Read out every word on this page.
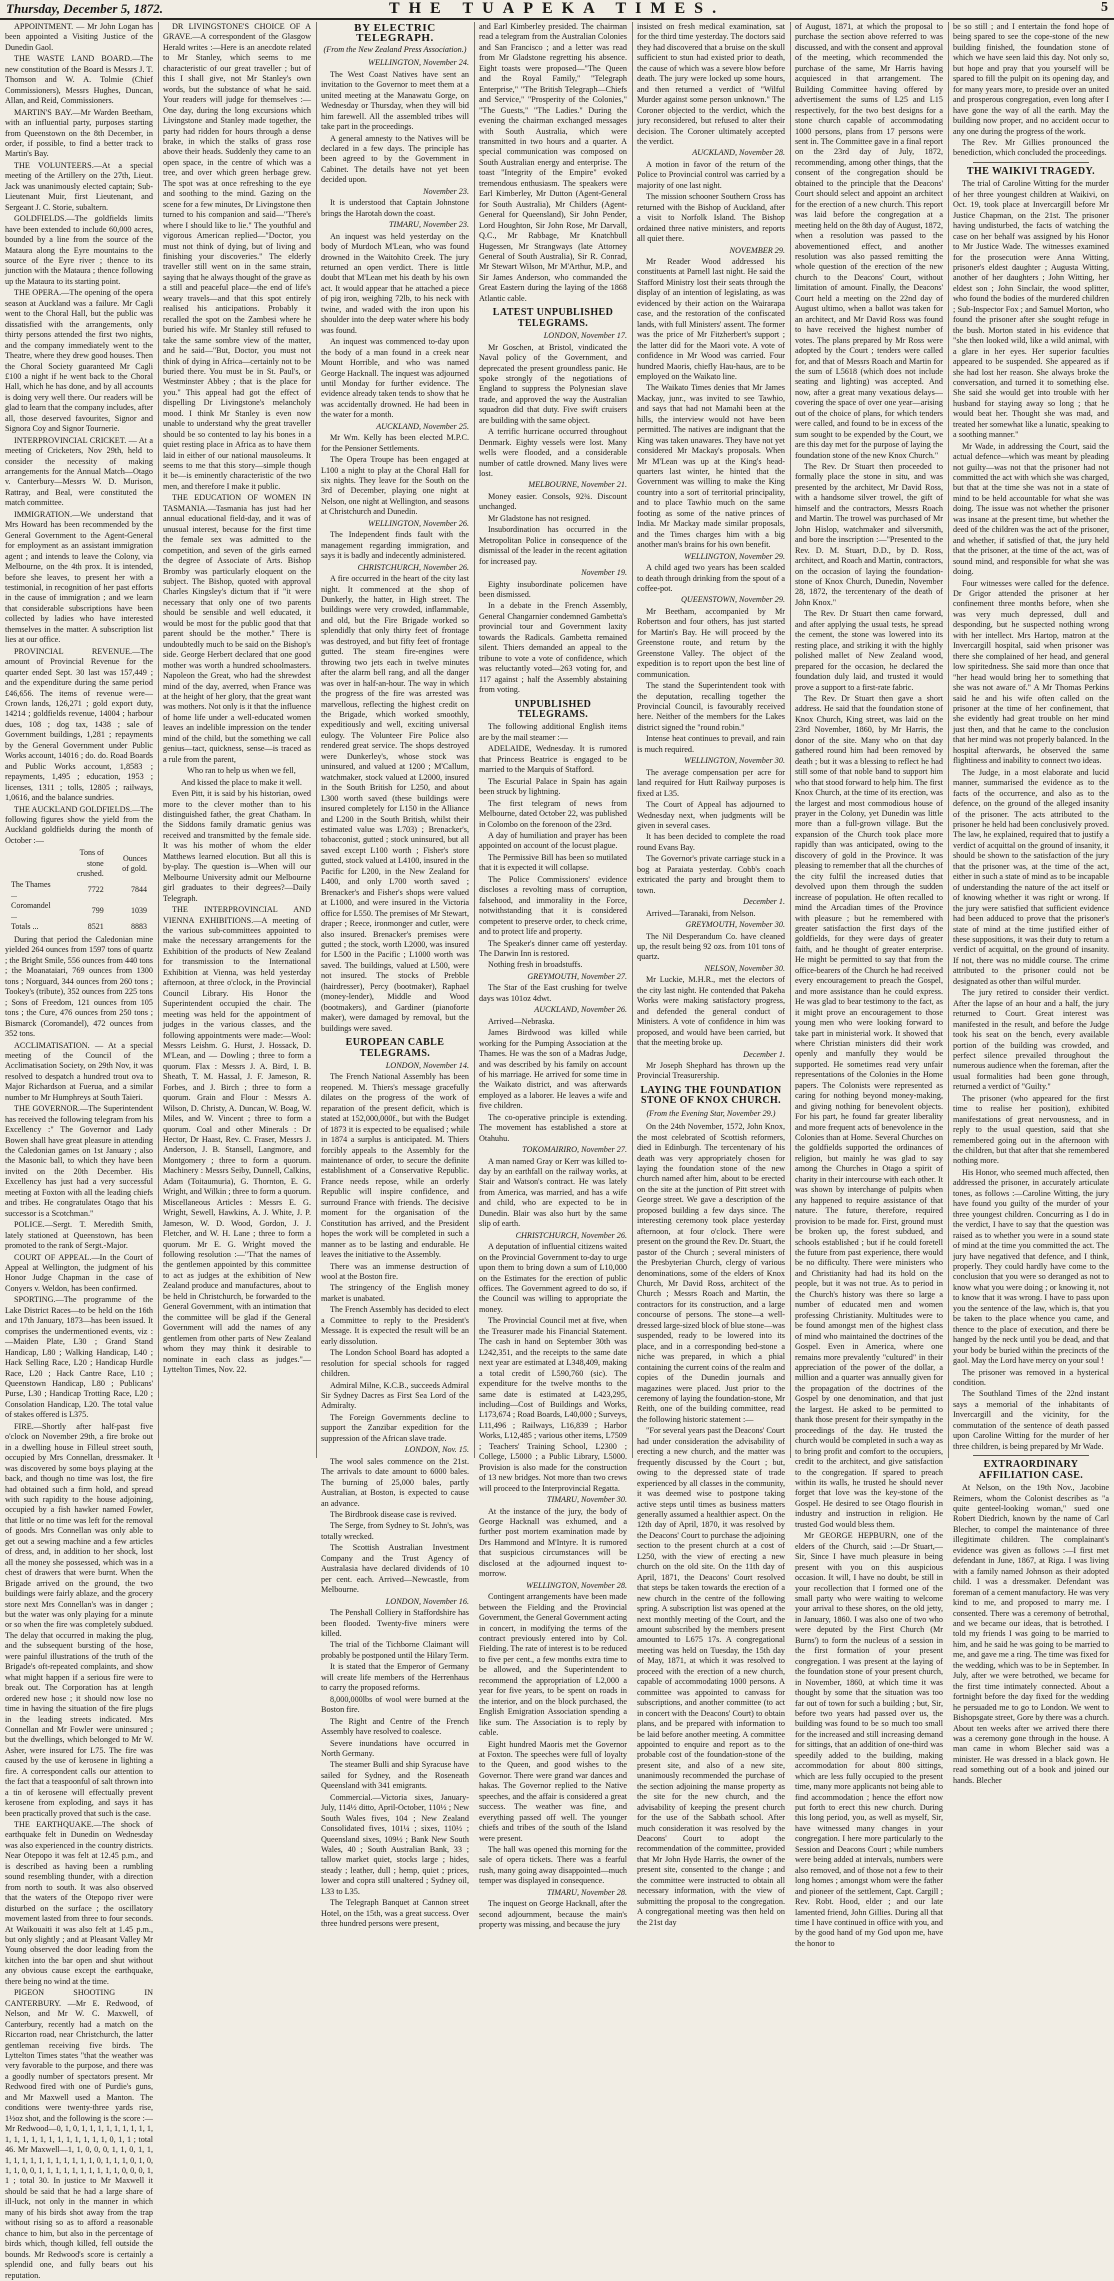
Thursday, December 5, 1872.	THE TUAPEKA TIMES.	5

APPOINTMENT. — Mr John Logan has been appointed a Visiting Justice of the Dunedin Gaol.

THE WASTE LAND BOARD.—The new constitution of the Board is Messrs J. T. Thomson and W. A. Tolmie (Chief Commissioners), Messrs Hughes, Duncan, Allan, and Reid, Commissioners.

MARTIN'S BAY.—Mr Warden Beetham, with an influential party, purposes starting from Queenstown on the 8th December, in order, if possible, to find a better track to Martin's Bay.

THE VOLUNTEERS.—At a special meeting of the Artillery on the 27th, Lieut. Jack was unanimously elected captain; Sub-Lieutenant Muir, first Lieutenant, and Sergeant J. C. Storie, subaltern.

GOLDFIELDS.—The goldfields limits have been extended to include 60,000 acres, bounded by a line from the source of the Mataura along the Eyre mountains to the source of the Eyre river ; thence to its junction with the Mataura ; thence following up the Mataura to its starting point.

THE OPERA.—The opening of the opera season at Auckland was a failure. Mr Cagli went to the Choral Hall, but the public was dissatisfied with the arrangements, only thirty persons attended the first two nights, and the company immediately went to the Theatre, where they drew good houses. Then the Choral Society guaranteed Mr Cagli £100 a night if he went back to the Choral Hall, which he has done, and by all accounts is doing very well there. Our readers will be glad to learn that the company includes, after all, those deserved favourites, Signor and Signora Coy and Signor Tournerie.

INTERPROVINCIAL CRICKET. — At a meeting of Cricketers, Nov 29th, held to consider the necessity of making arrangements for the Annual Match—Otago v. Canterbury—Messrs W. D. Murison, Rattray, and Beal, were constituted the match committee.

IMMIGRATION.—We understand that Mrs Howard has been recommended by the General Government to the Agent-General for employment as an assistant immigration agent ; and intends to leave the Colony, via Melbourne, on the 4th prox. It is intended, before she leaves, to present her with a testimonial, in recognition of her past efforts in the cause of immigration ; and we learn that considerable subscriptions have been collected by ladies who have interested themselves in the matter. A subscription list lies at our office.

PROVINCIAL REVENUE.—The amount of Provincial Revenue for the quarter ended Sept. 30 last was 157,449 ; and the expenditure during the same period £46,656. The items of revenue were—Crown lands, 126,271 ; gold export duty, 14214 ; goldfields revenue, 14004 ; harbour dues, 108 ; dog tax, 1438 ; sale of Government buildings, 1,281 ; repayments by the General Government under Public Works account, 14016 ; do. do. Road Boards and Public Works account, 1,8583 ; repayments, 1,495 ; education, 1953 ; licenses, 1311 ; tolls, 12805 ; railways, 1,0616, and the balance sundries.

THE AUCKLAND GOLDFIELDS.—The following figures show the yield from the Auckland goldfields during the month of October :—

	Tons of stone crushed.	Ounces of gold.
The Thames ...	7722	7844
Coromandel ...	799	1039
Totals ...	8521	8883

During that period the Caledonian mine yielded 264 ounces from 1597 tons of quartz ; the Bright Smile, 556 ounces from 440 tons ; the Moanataiari, 769 ounces from 1300 tons ; Norguard, 344 ounces from 260 tons ; Tookey's (tribute), 352 ounces from 225 tons ; Sons of Freedom, 121 ounces from 105 tons ; the Cure, 476 ounces from 250 tons ; Bismarck (Coromandel), 472 ounces from 352 tons.

ACCLIMATISATION. — At a special meeting of the Council of the Acclimatisation Society, on 29th Nov, it was resolved to despatch a hundred trout ova to Major Richardson at Fuerua, and a similar number to Mr Humphreys at South Taieri.

THE GOVERNOR.—The Superintendent has received the following telegram from his Excellency :" The Governor and Lady Bowen shall have great pleasure in attending the Caledonian games on 1st January ; also the Masonic ball, to which they have been invited on the 20th December. His Excellency has just had a very successful meeting at Foxton with all the leading chiefs and tribes. He congratulates Otago that his successor is a Scotchman."

POLICE.—Sergt. T. Meredith Smith, lately stationed at Queenstown, has been promoted to the rank of Sergt.-Major.

COURT OF APPEAL.—In the Court of Appeal at Wellington, the judgment of his Honor Judge Chapman in the case of Conyers v. Weldon, has been confirmed.

SPORTING.—The programme of the Lake District Races—to be held on the 16th and 17th January, 1873—has been issued. It comprises the undermentioned events, viz :—Maiden Plate, L30 ; Grand Stand Handicap, L80 ; Walking Handicap, L40 ; Hack Selling Race, L20 ; Handicap Hurdle Race, L20 ; Hack Cantre Race, L10 ; Queenstown Handicap, L80 ; Publicans' Purse, L30 ; Handicap Trotting Race, L20 ; Consolation Handicap, L20. The total value of stakes offered is L375.

FIRE.—Shortly after half-past five o'clock on November 29th, a fire broke out in a dwelling house in Filleul street south, occupied by Mrs Connellan, dressmaker. It was discovered by some boys playing at the back, and though no time was lost, the fire had obtained such a firm hold, and spread with such rapidity to the house adjoining, occupied by a fish hawker named Fowler, that little or no time was left for the removal of goods. Mrs Connellan was only able to get out a sewing machine and a few articles of dress, and, in addition to her shock, lost all the money she possessed, which was in a chest of drawers that were burnt. When the Brigade arrived on the ground, the two buildings were fairly ablaze, and the grocery store next Mrs Connellan's was in danger ; but the water was only playing for a minute or so when the fire was completely subdued. The delay that occurred in making the plug, and the subsequent bursting of the hose, were painful illustrations of the truth of the Brigade's oft-repeated complaints, and show what might happen if a serious fire were to break out. The Corporation has at length ordered new hose ; it should now lose no time in having the situation of the fire plugs in the leading streets indicated. Mrs Connellan and Mr Fowler were uninsured ; but the dwellings, which belonged to Mr W. Asher, were insured for L75. The fire was caused by the use of kerosene in lighting a fire. A correspondent calls our attention to the fact that a teaspoonful of salt thrown into a tin of kerosene will effectually prevent kerosene from exploding, and says it has been practically proved that such is the case.

THE EARTHQUAKE.—The shock of earthquake felt in Dunedin on Wednesday was also experienced in the country districts. Near Otepopo it was felt at 12.45 p.m., and is described as having been a rumbling sound resembling thunder, with a direction from north to south. It was also observed that the waters of the Otepopo river were disturbed on the surface ; the oscillatory movement lasted from three to four seconds. At Waikouaiti it was also felt at 1.45 p.m., but only slightly ; and at Pleasant Valley Mr Young observed the door leading from the kitchen into the bar open and shut without any obvious cause except the earthquake, there being no wind at the time.

PIGEON SHOOTING IN CANTERBURY. —Mr E. Redwood, of Nelson, and Mr W. C. Maxwell, of Canterbury, recently had a match on the Riccarton road, near Christchurch, the latter gentleman receiving five birds. The Lyttelton Times states "that the weather was very favorable to the purpose, and there was a goodly number of spectators present. Mr Redwood fired with one of Purdie's guns, and Mr Maxwell used a Manton. The conditions were twenty-three yards rise, 1½oz shot, and the following is the score :—Mr Redwood—0, 1, 0, 1, 1, 1, 1, 1, 1, 1, 1, 1, 1, 1, 1, 1, 1, 1, 1, 1, 1, 1, 1, 1, 0, 1, 1 ; total 46. Mr Maxwell—1, 1, 0, 0, 0, 1, 1, 0, 1, 1, 1, 1, 1, 1, 1, 1, 1, 1, 1, 1, 1, 0, 1, 1, 1, 0, 1, 0, 1, 1, 0, 0, 1, 1, 1, 1, 1, 1, 1, 1, 1, 1, 0, 0, 0, 1, 1 ; total 30. In justice to Mr Maxwell it should be said that he had a large share of ill-luck, not only in the manner in which many of his birds shot away from the trap without rising so as to afford a reasonable chance to him, but also in the percentage of birds which, though killed, fell outside the bounds. Mr Redwood's score is certainly a splendid one, and fully bears out his reputation.

DR LIVINGSTONE'S CHOICE OF A GRAVE.—A correspondent of the Glasgow Herald writes :—Here is an anecdote related to Mr Stanley, which seems to me characteristic of our great traveller ; but of this I shall give, not Mr Stanley's own words, but the substance of what he said. Your readers will judge for themselves :—One day, during the long excursions which Livingstone and Stanley made together, the party had ridden for hours through a dense brake, in which the stalks of grass rose above their heads. Suddenly they came to an open space, in the centre of which was a tree, and over which green herbage grew. The spot was at once refreshing to the eye and soothing to the mind. Gazing on the scene for a few minutes, Dr Livingstone then turned to his companion and said—"There's where I should like to lie." The youthful and vigorous American replied—"Doctor, you must not think of dying, but of living and finishing your discoveries." The elderly traveller still went on in the same strain, saying that he always thought of the grave as a still and peaceful place—the end of life's weary travels—and that this spot entirely realised his anticipations. Probably it recalled the spot on the Zambesi where he buried his wife. Mr Stanley still refused to take the same sombre view of the matter, and he said—"But, Doctor, you must not think of dying in Africa—certainly not to be buried there. You must be in St. Paul's, or Westminster Abbey ; that is the place for you." This appeal had got the effect of dispelling Dr Livingstone's melancholy mood. I think Mr Stanley is even now unable to understand why the great traveller should be so contented to lay his bones in a quiet resting place in Africa as to have them laid in either of our national mausoleums. It seems to me that this story—simple though it be—is eminently characteristic of the two men, and therefore I make it public.

THE EDUCATION OF WOMEN IN TASMANIA.—Tasmania has just had her annual educational field-day, and it was of unusual interest, because for the first time the female sex was admitted to the competition, and seven of the girls earned the degree of Associate of Arts. Bishop Bromby was particularly eloquent on the subject. The Bishop, quoted with approval Charles Kingsley's dictum that if "it were necessary that only one of two parents should be sensible and well educated, it would be most for the public good that that parent should be the mother." There is undoubtedly much to be said on the Bishop's side. George Herbert declared that one good mother was worth a hundred schoolmasters. Napoleon the Great, who had the shrewdest mind of the day, averred, when France was at the height of her glory, that the great want was mothers. Not only is it that the influence of home life under a well-educated women leaves an indelible impression on the tender mind of the child, but the something we call genius—tact, quickness, sense—is traced as a rule from the parent,

Who ran to help us when we fell,

And kissed the place to make it well.

Even Pitt, it is said by his historian, owed more to the clever mother than to his distinguished father, the great Chatham. In the Siddons family dramatic genius was received and transmitted by the female side. It was his mother of whom the elder Matthews learned elocution. But all this is by-play. The question is—When will our Melbourne University admit our Melbourne girl graduates to their degrees?—Daily Telegraph.

THE INTERPROVINCIAL AND VIENNA EXHIBITIONS.—A meeting of the various sub-committees appointed to make the necessary arrangements for the Exhibition of the products of New Zealand for transmission to the International Exhibition at Vienna, was held yesterday afternoon, at three o'clock, in the Provincial Council Library. His Honor the Superintendent occupied the chair. The meeting was held for the appointment of judges in the various classes, and the following appointments were made:—Wool: Messrs Leishm. G. Hurst, J. Hossack, D. M'Lean, and — Dowling ; three to form a quorum. Flax : Messrs J. A. Bird, I. B. Sheath, T. M. Hassal, J. F. Jameson, R. Forbes, and J. Birch ; three to form a quorum. Grain and Flour : Messrs A. Wilson, D. Christy, A. Duncan, W. Boag, W. Miles, and W. Vincent ; three to form a quorum. Coal and other Minerals : Dr Hector, Dr Haast, Rev. C. Fraser, Messrs J. Anderson, J. B. Stansell, Langmore, and Montgomery ; three to form a quorum. Machinery : Messrs Seiby, Dunnell, Calkins, Adam (Toitaumuria), G. Thornton, E. G. Wright, and Wilkin ; three to form a quorum. Miscellaneous Articles : Messrs E. G. Wright, Sewell, Hawkins, A. J. White, J. P. Jameson, W. D. Wood, Gordon, J. J. Fletcher, and W. H. Lane ; three to form a quorum. Mr E. G. Wright moved the following resolution :—"That the names of the gentlemen appointed by this committee to act as judges at the exhibition of New Zealand produce and manufactures, about to be held in Christchurch, be forwarded to the General Government, with an intimation that the committee will be glad if the General Government will add the names of any gentlemen from other parts of New Zealand whom they may think it desirable to nominate in each class as judges."—Lyttelton Times, Nov. 22.

BY ELECTRIC TELEGRAPH.
(From the New Zealand Press Association.)

WELLINGTON, November 24.

The West Coast Natives have sent an invitation to the Governor to meet them at a united meeting at the Manawatu Gorge, on Wednesday or Thursday, when they will bid him farewell. All the assembled tribes will take part in the proceedings.

A general amnesty to the Natives will be declared in a few days. The principle has been agreed to by the Government in Cabinet. The details have not yet been decided upon.

November 23.

It is understood that Captain Johnstone brings the Harotah down the coast.

TIMARU, November 23.

An inquest was held yesterday on the body of Murdoch M'Lean, who was found drowned in the Waitohito Creek. The jury returned an open verdict. There is little doubt that M'Lean met his death by his own act. It would appear that he attached a piece of pig iron, weighing 72lb, to his neck with twine, and waded with the iron upon his shoulder into the deep water where his body was found.

An inquest was commenced to-day upon the body of a man found in a creek near Mount Horrible, and who was named George Hacknall. The inquest was adjourned until Monday for further evidence. The evidence already taken tends to show that he was accidentally drowned. He had been in the water for a month.

AUCKLAND, November 25.

Mr Wm. Kelly has been elected M.P.C. for the Pensioner Settlements.

The Opera Troupe has been engaged at L100 a night to play at the Choral Hall for six nights. They leave for the South on the 3rd of December, playing one night at Nelson, one night at Wellington, and seasons at Christchurch and Dunedin.

WELLINGTON, November 26.

The Independent finds fault with the management regarding immigration, and says it is badly and indecently administered.

CHRISTCHURCH, November 26.

A fire occurred in the heart of the city last night. It commenced at the shop of Dunkerly, the hatter, in High street. The buildings were very crowded, inflammable, and old, but the Fire Brigade worked so splendidly that only thirty feet of frontage was destroyed, and but fifty feet of frontage gutted. The steam fire-engines were throwing two jets each in twelve minutes after the alarm bell rang, and all the danger was over in half-an-hour. The way in which the progress of the fire was arrested was marvellous, reflecting the highest credit on the Brigade, which worked smoothly, expeditiously and well, exciting universal eulogy. The Volunteer Fire Police also rendered great service. The shops destroyed were Dunkerley's, whose stock was uninsured, and valued at 1200 ; M'Callum, watchmaker, stock valued at L2000, insured in the South British for L250, and about L300 worth saved (these buildings were insured completely for L150 in the Alliance and L200 in the South British, whilst their estimated value was L703) ; Brenacker's, tobacconist, gutted ; stock uninsured, but all saved except L100 worth ; Fisher's store gutted, stock valued at L4100, insured in the Pacific for L200, in the New Zealand for L400, and only L700 worth saved ; Brenacker's and Fisher's shops were valued at L1000, and were insured in the Victoria office for L550. The premises of Mr Stewart, draper ; Reece, ironmonger and cutler, were also insured. Brenacker's premises were gutted ; the stock, worth L2000, was insured for L500 in the Pacific ; L1000 worth was saved. The buildings, valued at L500, were not insured. The stocks of Prebble (hairdresser), Percy (bootmaker), Raphael (money-lender), Middle and Wood (bootmakers), and Gardiner (pianoforte maker), were damaged by removal, but the buildings were saved.

EUROPEAN CABLE TELEGRAMS.

LONDON, November 14.

The French National Assembly has been reopened. M. Thiers's message gracefully dilates on the progress of the work of reparation of the present deficit, which is stated at 152,000,000f., but with the Budget of 1873 it is expected to be equalised ; while in 1874 a surplus is anticipated. M. Thiers forcibly appeals to the Assembly for the maintenance of order, to secure the definite establishment of a Conservative Republic. France needs repose, while an orderly Republic will inspire confidence, and surround France with friends. The decisive moment for the organisation of the Constitution has arrived, and the President hopes the work will be completed in such a manner as to be lasting and endurable. He leaves the initiative to the Assembly.

There was an immense destruction of wool at the Boston fire.

The stringency of the English money market is unabated.

The French Assembly has decided to elect a Committee to reply to the President's Message. It is expected the result will be an early dissolution.

The London School Board has adopted a resolution for special schools for ragged children.

Admiral Milne, K.C.B., succeeds Admiral Sir Sydney Dacres as First Sea Lord of the Admiralty.

The Foreign Governments decline to support the Zanzibar expedition for the suppression of the African slave trade.

LONDON, Nov. 15.

The wool sales commence on the 21st. The arrivals to date amount to 6000 bales. The burning of 25,000 bales, partly Australian, at Boston, is expected to cause an advance.

The Birdbrook disease case is revived.

The Serge, from Sydney to St. John's, was totally wrecked.

The Scottish Australian Investment Company and the Trust Agency of Australasia have declared dividends of 10 per cent. each. Arrived—Newcastle, from Melbourne.

LONDON, November 16.

The Penshall Colliery in Staffordshire has been flooded. Twenty-five miners were killed.

The trial of the Tichborne Claimant will probably be postponed until the Hilary Term.

It is stated that the Emperor of Germany will create life members of the Herrenhaus to carry the proposed reforms.

8,000,000lbs of wool were burned at the Boston fire.

The Right and Centre of the French Assembly have resolved to coalesce.

Severe inundations have occurred in North Germany.

The steamer Bulli and ship Syracuse have sailed for Sydney, and the Roseneath Queensland with 341 emigrants.

Commercial.—Victoria sixes, January-July, 114½ ditto, April-October, 110½ ; New South Wales fives, 104 ; New Zealand Consolidated fives, 101¼ ; sixes, 110½ ; Queensland sixes, 109½ ; Bank New South Wales, 40 ; South Australian Bank, 33 ; tallow market quiet, stocks large ; hides, steady ; leather, dull ; hemp, quiet ; prices, lower and copra still unaltered ; Sydney oil, L33 to L35.

The Telegraph Banquet at Cannon street Hotel, on the 15th, was a great success. Over three hundred persons were present,

and Earl Kimberley presided. The chairman read a telegram from the Australian Colonies and San Francisco ; and a letter was read from Mr Gladstone regretting his absence. Eight toasts were proposed—"The Queen and the Royal Family," "Telegraph Enterprise," "The British Telegraph—Chiefs and Service," "Prosperity of the Colonies," "The Guests," "The Ladies." During the evening the chairman exchanged messages with South Australia, which were transmitted in two hours and a quarter. A special communication was composed on South Australian energy and enterprise. The toast "Integrity of the Empire" evoked tremendous enthusiasm. The speakers were Earl Kimberley, Mr Dutton (Agent-General for South Australia), Mr Childers (Agent-General for Queensland), Sir John Pender, Lord Houghton, Sir John Rose, Mr Darvall, Q.C., Mr Rabbage, Mr Knatchbull Hugessen, Mr Strangways (late Attorney General of South Australia), Sir R. Conrad, Mr Stewart Wilson, Mr M'Arthur, M.P., and Sir James Anderson, who commanded the Great Eastern during the laying of the 1868 Atlantic cable.

LATEST UNPUBLISHED TELEGRAMS.

LONDON, November 17.

Mr Goschen, at Bristol, vindicated the Naval policy of the Government, and deprecated the present groundless panic. He spoke strongly of the negotiations of England to suppress the Polynesian slave trade, and approved the way the Australian squadron did that duty. Five swift cruisers are building with the same object.

A terrific hurricane occurred throughout Denmark. Eighty vessels were lost. Many wells were flooded, and a considerable number of cattle drowned. Many lives were lost.

MELBOURNE, November 21.

Money easier. Consols, 92¾. Discount unchanged.

Mr Gladstone has not resigned.

Insubordination has occurred in the Metropolitan Police in consequence of the dismissal of the leader in the recent agitation for increased pay.

November 19.

Eighty insubordinate policemen have been dismissed.

In a debate in the French Assembly, General Changarnier condemned Gambetta's provincial tour and Government laxity towards the Radicals. Gambetta remained silent. Thiers demanded an appeal to the tribune to vote a vote of confidence, which was reluctantly voted—263 voting for, and 117 against ; half the Assembly abstaining from voting.

UNPUBLISHED TELEGRAMS.

The following additional English items are by the mail steamer :—

ADELAIDE, Wednesday. It is rumored that Princess Beatrice is engaged to be married to the Marquis of Stafford.

The Escurial Palace in Spain has again been struck by lightning.

The first telegram of news from Melbourne, dated October 22, was published in Colombo on the forenoon of the 23rd.

A day of humiliation and prayer has been appointed on account of the locust plague.

The Permissive Bill has been so mutilated that it is expected it will collapse.

The Police Commissioners' evidence discloses a revolting mass of corruption, falsehood, and immorality in the Force, notwithstanding that it is considered competent to preserve order, to check crime, and to protect life and property.

The Speaker's dinner came off yesterday. The Darwin Inn is restored.

Nothing fresh in broadstuffs.

GREYMOUTH, November 27.

The Star of the East crushing for twelve days was 101oz 4dwt.

AUCKLAND, November 26.

Arrived—Nebraska.

James Birdwood was killed while working for the Pumping Association at the Thames. He was the son of a Madras Judge, and was described by his family on account of his marriage. He arrived for some time in the Waikato district, and was afterwards employed as a laborer. He leaves a wife and five children.

The co-operative principle is extending. The movement has established a store at Otahuhu.

TOKOMAIRIRO, November 27.

A man named Gray or Kerr was killed to-day by an earthfall on the railway works, at Stair and Watson's contract. He was lately from America, was married, and has a wife and child, who are expected to be in Dunedin. Blair was also hurt by the same slip of earth.

CHRISTCHURCH, November 26.

A deputation of influential citizens waited on the Provincial Government to-day to urge upon them to bring down a sum of L10,000 on the Estimates for the erection of public offices. The Government agreed to do so, if the Council was willing to appropriate the money.

The Provincial Council met at five, when the Treasurer made his Financial Statement. The cash in hand on September 30th was L242,351, and the receipts to the same date next year are estimated at L348,409, making a total credit of L590,760 (sic). The expenditure for the twelve months to the same date is estimated at L423,295, including—Cost of Buildings and Works, L173,674 ; Road Boards, L40,000 ; Surveys, L11,496 ; Railways, L16,839 ; Harbor Works, L12,485 ; various other items, L7509 ; Teachers' Training School, L2300 ; College, L5000 ; a Public Library, L5000. Provision is also made for the construction of 13 new bridges. Not more than two crews will proceed to the Interprovincial Regatta.

TIMARU, November 30.

At the instance of the jury, the body of George Hacknall was exhumed, and a further post mortem examination made by Drs Hammond and M'Intyre. It is rumored that suspicious circumstances will be disclosed at the adjourned inquest to-morrow.

WELLINGTON, November 28.

Contingent arrangements have been made between the Fielding and the Provincial Government, the General Government acting in concert, in modifying the terms of the contract previously entered into by Col. Fielding. The rate of interest is to be reduced to five per cent., a few months extra time to be allowed, and the Superintendent to recommend the appropriation of L2,000 a year for five years, to be spent on roads in the interior, and on the block purchased, the English Emigration Association spending a like sum. The Association is to reply by cable.

Eight hundred Maoris met the Governor at Foxton. The speeches were full of loyalty to the Queen, and good wishes to the Governor. There were grand war dances and hakas. The Governor replied to the Native speeches, and the affair is considered a great success. The weather was fine, and everything passed off well. The younger chiefs and tribes of the south of the Island were present.

The hall was opened this morning for the sale of opera tickets. There was a fearful rush, many going away disappointed—much temper was displayed in consequence.

TIMARU, November 28.

The inquest on George Hacknall, after the second adjournment, because the main's property was missing, and because the jury

insisted on fresh medical examination, sat for the third time yesterday. The doctors said they had discovered that a bruise on the skull sufficient to stun had existed prior to death, the cause of which was a severe blow before death. The jury were locked up some hours, and then returned a verdict of "Wilful Murder against some person unknown." The Coroner objected to the verdict, which the jury reconsidered, but refused to alter their decision. The Coroner ultimately accepted the verdict.

AUCKLAND, November 28.

A motion in favor of the return of the Police to Provincial control was carried by a majority of one last night.

The mission schooner Southern Cross has returned with the Bishop of Auckland, after a visit to Norfolk Island. The Bishop ordained three native ministers, and reports all quiet there.

NOVEMBER 29.

Mr Reader Wood addressed his constituents at Parnell last night. He said the Stafford Ministry lost their seats through the display of an intention of legislating, as was evidenced by their action on the Wairarapa case, and the restoration of the confiscated lands, with full Ministers' assent. The former was the price of Mr Fitzherbert's support ; the latter did for the Maori vote. A vote of confidence in Mr Wood was carried. Four hundred Maoris, chiefly Hau-haus, are to be employed on the Waikato line.

The Waikato Times denies that Mr James Mackay, junr., was invited to see Tawhio, and says that had not Mamahi been at the hills, the interview would not have been permitted. The natives are indignant that the King was taken unawares. They have not yet considered Mr Mackay's proposals. When Mr M'Lean was up at the King's head-quarters last winter, he hinted that the Government was willing to make the King country into a sort of territorial principality, and to place Tawhio much on the same footing as some of the native princes of India. Mr Mackay made similar proposals, and the Times charges him with a big another man's brains for his own benefit.

WELLINGTON, November 29.

A child aged two years has been scalded to death through drinking from the spout of a coffee-pot.

QUEENSTOWN, November 29.

Mr Beetham, accompanied by Mr Robertson and four others, has just started for Martin's Bay. He will proceed by the Greenstone route, and return by the Greenstone Valley. The object of the expedition is to report upon the best line of communication.

The stand the Superintendent took with the deputation, recalling together the Provincial Council, is favourably received here. Neither of the members for the Lakes district signed the "round robin."

Intense heat continues to prevail, and rain is much required.

WELLINGTON, November 30.

The average compensation per acre for land required for Hutt Railway purposes is fixed at L35.

The Court of Appeal has adjourned to Wednesday next, when judgments will be given in several cases.

It has been decided to complete the road round Evans Bay.

The Governor's private carriage stuck in a bog at Paraiata yesterday. Cobb's coach extricated the party and brought them to town.

December 1.

Arrived—Taranaki, from Nelson.

GREYMOUTH, November 30.

The Nil Desperandum Co. have cleaned up, the result being 92 ozs. from 101 tons of quartz.

NELSON, November 30.

Mr Luckie, M.H.R., met the electors of the city last night. He contended that Pakeha Works were making satisfactory progress, and defended the general conduct of Ministers. A vote of confidence in him was proposed, and would have been carried, but that the meeting broke up.

December 1.

Mr Joseph Shephard has thrown up the Provincial Treasurership.

LAYING THE FOUNDATION STONE OF KNOX CHURCH.
(From the Evening Star, November 29.)

On the 24th November, 1572, John Knox, the most celebrated of Scottish reformers, died in Edinburgh. The tercentenary of his death was very appropriately chosen for laying the foundation stone of the new church named after him, about to be erected on the site at the junction of Pitt street with George street. We gave a description of the proposed building a few days since. The interesting ceremony took place yesterday afternoon, at four o'clock. There were present on the ground the Rev. Dr. Stuart, the pastor of the Church ; several ministers of the Presbyterian Church, clergy of various denominations, some of the elders of Knox Church, Mr David Ross, architect of the Church ; Messrs Roach and Martin, the contractors for its construction, and a large concourse of persons. The stone—a well-dressed large-sized block of blue stone—was suspended, ready to be lowered into its place, and in a corresponding bed-stone a niche was prepared, in which a phial containing the current coins of the realm and copies of the Dunedin journals and magazines were placed. Just prior to the ceremony of laying the foundation-stone, Mr Reith, one of the building committee, read the following historic statement :—

"For several years past the Deacons' Court had under consideration the advisability of erecting a new church, and the matter was frequently discussed by the Court ; but, owing to the depressed state of trade experienced by all classes in the community, it was deemed wise to postpone taking active steps until times as business matters generally assumed a healthier aspect. On the 12th day of April, 1870, it was resolved by the Deacons' Court to purchase the adjoining section to the present church at a cost of L250, with the view of erecting a new church on the old site. On the 11th day of April, 1871, the Deacons' Court resolved that steps be taken towards the erection of a new church in the centre of the following spring. A subscription list was opened at the next monthly meeting of the Court, and the amount subscribed by the members present amounted to L675 17s. A congregational meeting was held on Tuesday, the 15th day of May, 1871, at which it was resolved to proceed with the erection of a new church, capable of accommodating 1000 persons. A committee was appointed to canvass for subscriptions, and another committee (to act in concert with the Deacons' Court) to obtain plans, and be prepared with information to be laid before another meeting. A committee appointed to enquire and report as to the probable cost of the foundation-stone of the present site, and also of a new site, unanimously recommended the purchase of the section adjoining the manse property as the site for the new church, and the advisability of keeping the present church for the use of the Sabbath school. After much consideration it was resolved by the Deacons' Court to adopt the recommendation of the committee, provided that Mr John Hyde Harris, the owner of the present site, consented to the change ; and the committee were instructed to obtain all necessary information, with the view of submitting the proposal to the congregation. A congregational meeting was then held on the 21st day

of August, 1871, at which the proposal to purchase the section above referred to was discussed, and with the consent and approval of the meeting, which recommended the purchase of the same, Mr Harris having acquiesced in that arrangement. The Building Committee having offered by advertisement the sums of L25 and L15 respectively, for the two best designs for a stone church capable of accommodating 1000 persons, plans from 17 persons were sent in. The Committee gave in a final report on the 23rd day of July, 1872, recommending, among other things, that the consent of the congregation should be obtained to the principle that the Deacons' Court should select and appoint an architect for the erection of a new church. This report was laid before the congregation at a meeting held on the 8th day of August, 1872, when a resolution was passed to the abovementioned effect, and another resolution was also passed remitting the whole question of the erection of the new church to the Deacons' Court, without limitation of amount. Finally, the Deacons' Court held a meeting on the 22nd day of August ultimo, when a ballot was taken for an architect, and Mr David Ross was found to have received the highest number of votes. The plans prepared by Mr Ross were adopted by the Court ; tenders were called for, and that of Messrs Roach and Martin for the sum of L5618 (which does not include seating and lighting) was accepted. And now, after a great many vexatious delays—covering the space of over one year—arising out of the choice of plans, for which tenders were called, and found to be in excess of the sum sought to be expended by the Court, we are this day met for the purpose of laying the foundation stone of the new Knox Church."

The Rev. Dr Stuart then proceeded to formally place the stone in situ, and was presented by the architect, Mr David Ross, with a handsome silver trowel, the gift of himself and the contractors, Messrs Roach and Martin. The trowel was purchased of Mr John Hislop, watchmaker and silversmith, and bore the inscription :—"Presented to the Rev. D. M. Stuart, D.D., by D. Ross, architect, and Roach and Martin, contractors, on the occasion of laying the foundation-stone of Knox Church, Dunedin, November 28, 1872, the tercentenary of the death of John Knox."

The Rev. Dr Stuart then came forward, and after applying the usual tests, he spread the cement, the stone was lowered into its resting place, and striking it with the highly polished mallet of New Zealand wood, prepared for the occasion, he declared the foundation duly laid, and trusted it would prove a support to a first-rate fabric.

The Rev. Dr Stuart then gave a short address. He said that the foundation stone of Knox Church, King street, was laid on the 23rd November, 1860, by Mr Harris, the donor of the site. Many who on that day gathered round him had been removed by death ; but it was a blessing to reflect he had still some of that noble band to support him who that stood forward to help him. The first Knox Church, at the time of its erection, was the largest and most commodious house of prayer in the Colony, yet Dunedin was little more than a full-grown village. But the expansion of the Church took place more rapidly than was anticipated, owing to the discovery of gold in the Province. It was pleasing to remember that all the churches of the city fulfil the increased duties that devolved upon them through the sudden increase of population. He often recalled to mind the Arcadian times of the Province with pleasure ; but he remembered with greater satisfaction the first days of the goldfields, for they were days of greater faith, and he thought of greater enterprise. He might be permitted to say that from the office-bearers of the Church he had received every encouragement to preach the Gospel, and more assistance than he could express. He was glad to bear testimony to the fact, as it might prove an encouragement to those young men who were looking forward to take part in ministerial work. It showed that where Christian ministers did their work openly and manfully they would be supported. He sometimes read very unfair representations of the Colonies in the Home papers. The Colonists were represented as caring for nothing beyond money-making, and giving nothing for benevolent objects. For his part, he found far greater liberality and more frequent acts of benevolence in the Colonies than at Home. Several Churches on the goldfields supported the ordinances of religion, but mainly he was glad to say among the Churches in Otago a spirit of charity in their intercourse with each other. It was shown by interchange of pulpits when any happened to require assistance of that nature. The future, therefore, required provision to be made for. First, ground must be broken up, the forest subdued, and schools established ; but if he could foretell the future from past experience, there would be no difficulty. There were ministers who and Christianity had had its hold on the people, but it was not true. As to period in the Church's history was there so large a number of educated men and women professing Christianity. Multitudes were to be found amongst men of the highest class of mind who maintained the doctrines of the Gospel. Even in America, where one remains more prevalently "cultured" in their appreciation of the power of the dollar, a million and a quarter was annually given for the propagation of the doctrines of the Gospel by one denomination, and that just the largest. He asked to be permitted to thank those present for their sympathy in the proceedings of the day. He trusted the church would be completed in such a way as to bring profit and comfort to the occupiers, credit to the architect, and give satisfaction to the congregation. If spared to preach within its walls, he trusted he should never forget that love was the key-stone of the Gospel. He desired to see Otago flourish in industry and instruction in religion. He trusted God would bless them.

Mr GEORGE HEPBURN, one of the elders of the Church, said :—Dr Stuart,—Sir, Since I have much pleasure in being present with you on this auspicious occasion. It will, I have no doubt, be still in your recollection that I formed one of the small party who were waiting to welcome your arrival to these shores, on the old jetty, in January, 1860. I was also one of two who were deputed by the First Church (Mr Burns') to form the nucleus of a session in the first formation of your present congregation. I was present at the laying of the foundation stone of your present church, in November, 1860, at which time it was thought by some that the situation was too far out of town for such a building ; but, Sir, before two years had passed over us, the building was found to be so much too small for the increased and still increasing demand for sittings, that an addition of one-third was speedily added to the building, making accommodation for about 800 sittings, which are less fully occupied to the present time, many more applicants not being able to find accommodation ; hence the effort now put forth to erect this new church. During this long period, you, as well as myself, Sir, have witnessed many changes in your congregation. I here more particularly to the Session and Deacons Court ; while numbers were being added at intervals, numbers were also removed, and of those not a few to their long homes ; amongst whom were the father and pioneer of the settlement, Capt. Cargill ; Rev. Robt. Hood, elder ; and our late lamented friend, John Gillies. During all that time I have continued in office with you, and by the good hand of my God upon me, have the honor to

be so still ; and I entertain the fond hope of being spared to see the cope-stone of the new building finished, the foundation stone of which we have seen laid this day. Not only so, but hope and pray that you yourself will be spared to fill the pulpit on its opening day, and for many years more, to preside over an united and prosperous congregation, even long after I have gone the way of all the earth. May the building now proper, and no accident occur to any one during the progress of the work.

The Rev. Mr Gillies pronounced the benediction, which concluded the proceedings.

THE WAIKIVI TRAGEDY.

The trial of Caroline Witting for the murder of her three youngest children at Waikivi, on Oct. 19, took place at Invercargill before Mr Justice Chapman, on the 21st. The prisoner having undisturbed, the facts of watching the case on her behalf was assigned by his Honor to Mr Justice Wade. The witnesses examined for the prosecution were Anna Witting, prisoner's eldest daughter ; Augusta Witting, another of her daughters ; John Witting, her eldest son ; John Sinclair, the wood splitter, who found the bodies of the murdered children ; Sub-Inspector Fox ; and Samuel Morton, who found the prisoner after she sought refuge in the bush. Morton stated in his evidence that "she then looked wild, like a wild animal, with a glare in her eyes. Her superior faculties appeared to be suspended. She appeared as if she had lost her reason. She always broke the conversation, and turned it to something else. She said she would get into trouble with her husband for staying away so long ; that he would beat her. Thought she was mad, and treated her somewhat like a lunatic, speaking to a soothing manner."

Mr Wade, in addressing the Court, said the actual defence—which was meant by pleading not guilty—was not that the prisoner had not committed the act with which she was charged, but that at the time she was not in a state of mind to be held accountable for what she was doing. The issue was not whether the prisoner was insane at the present time, but whether the deed of the children was the act of the prisoner, and whether, if satisfied of that, the jury held that the prisoner, at the time of the act, was of sound mind, and responsible for what she was doing.

Four witnesses were called for the defence. Dr Grigor attended the prisoner at her confinement three months before, when she was very much depressed, dull and desponding, but he suspected nothing wrong with her intellect. Mrs Hartop, matron at the Invercargill hospital, said when prisoner was there she complained of her head, and general low spiritedness. She said more than once that "her head would bring her to something that she was not aware of." A Mr Thomas Perkins said he and his wife often called on the prisoner at the time of her confinement, that she evidently had great trouble on her mind just then, and that he came to the conclusion that her mind was not properly balanced. In the hospital afterwards, he observed the same flightiness and inability to connect two ideas.

The Judge, in a most elaborate and lucid manner, summarised the evidence as to the facts of the occurrence, and also as to the defence, on the ground of the alleged insanity of the prisoner. The acts attributed to the prisoner he held had been conclusively proved. The law, he explained, required that to justify a verdict of acquittal on the ground of insanity, it should be shown to the satisfaction of the jury that the prisoner was, at the time of the act, either in such a state of mind as to be incapable of understanding the nature of the act itself or of knowing whether it was right or wrong. If the jury were satisfied that sufficient evidence had been adduced to prove that the prisoner's state of mind at the time justified either of these suppositions, it was their duty to return a verdict of acquittal, on the ground of insanity. If not, there was no middle course. The crime attributed to the prisoner could not be designated as other than wilful murder.

The jury retired to consider their verdict. After the lapse of an hour and a half, the jury returned to Court. Great interest was manifested in the result, and before the Judge took his seat on the bench, every available portion of the building was crowded, and perfect silence prevailed throughout the numerous audience when the foreman, after the usual formalities had been gone through, returned a verdict of "Guilty."

The prisoner (who appeared for the first time to realise her position), exhibited manifestations of great nervousness, and in reply to the usual question, said that she remembered going out in the afternoon with the children, but that after that she remembered nothing more.

His Honor, who seemed much affected, then addressed the prisoner, in accurately articulate tones, as follows :—Caroline Witting, the jury have found you guilty of the murder of your three youngest children. Concurring as I do in the verdict, I have to say that the question was raised as to whether you were in a sound state of mind at the time you committed the act. The jury have negatived that defence, and I think, properly. They could hardly have come to the conclusion that you were so deranged as not to know what you were doing ; or knowing it, not to know that it was wrong. I have to pass upon you the sentence of the law, which is, that you be taken to the place whence you came, and thence to the place of execution, and there be hanged by the neck until you be dead, and that your body be buried within the precincts of the gaol. May the Lord have mercy on your soul !

The prisoner was removed in a hysterical condition.

The Southland Times of the 22nd instant says a memorial of the inhabitants of Invercargill and the vicinity, for the commutation of the sentence of death passed upon Caroline Witting for the murder of her three children, is being prepared by Mr Wade.

EXTRAORDINARY AFFILIATION CASE.

At Nelson, on the 19th Nov., Jacobine Reimers, whom the Colonist describes as "a quite genteel-looking woman," sued one Robert Diedrich, known by the name of Carl Blecher, to compel the maintenance of three illegitimate children. The complainant's evidence was given as follows :—I first met defendant in June, 1867, at Riga. I was living with a family named Johnson as their adopted child. I was a dressmaker. Defendant was foreman of a cement manufactory. He was very kind to me, and proposed to marry me. I consented. There was a ceremony of betrothal, and we became our ideas, that is betrothed. I told my friends I was going to be married to him, and he said he was going to be married to me, and gave me a ring. The time was fixed for the wedding, which was to be in September. In July, after we were betrothed, we became for the first time intimately connected. About a fortnight before the day fixed for the wedding he persuaded me to go to London. We went to Bishopsgate street, Gore by there was a church. About ten weeks after we arrived there there was a ceremony gone through in the house. A man came in whom Blecher said was a minister. He was dressed in a black gown. He read something out of a book and joined our hands. Blecher
